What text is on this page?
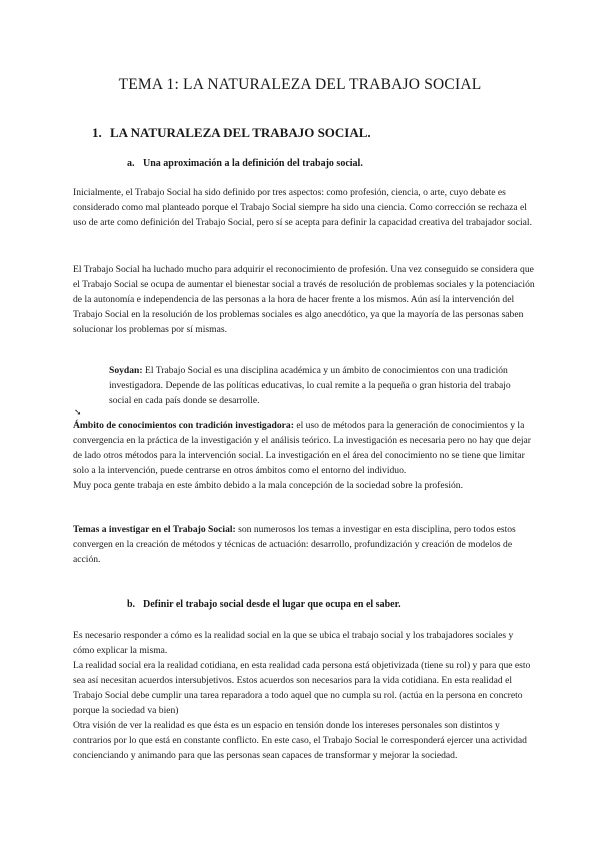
TEMA 1: LA NATURALEZA DEL TRABAJO SOCIAL
1. LA NATURALEZA DEL TRABAJO SOCIAL.
a. Una aproximación a la definición del trabajo social.

Inicialmente, el Trabajo Social ha sido definido por tres aspectos: como profesión, ciencia, o arte, cuyo debate es considerado como mal planteado porque el Trabajo Social siempre ha sido una ciencia. Como corrección se rechaza el uso de arte como definición del Trabajo Social, pero sí se acepta para definir la capacidad creativa del trabajador social.

El Trabajo Social ha luchado mucho para adquirir el reconocimiento de profesión. Una vez conseguido se considera que el Trabajo Social se ocupa de aumentar el bienestar social a través de resolución de problemas sociales y la potenciación de la autonomía e independencia de las personas a la hora de hacer frente a los mismos. Aún así la intervención del Trabajo Social en la resolución de los problemas sociales es algo anecdótico, ya que la mayoría de las personas saben solucionar los problemas por sí mismas.

Soydan: El Trabajo Social es una disciplina académica y un ámbito de conocimientos con una tradición investigadora. Depende de las políticas educativas, lo cual remite a la pequeña o gran historia del trabajo social en cada país donde se desarrolle.

➘

Ámbito de conocimientos con tradición investigadora: el uso de métodos para la generación de conocimientos y la convergencia en la práctica de la investigación y el análisis teórico. La investigación es necesaria pero no hay que dejar de lado otros métodos para la intervención social. La investigación en el área del conocimiento no se tiene que limitar solo a la intervención, puede centrarse en otros ámbitos como el entorno del individuo.

Muy poca gente trabaja en este ámbito debido a la mala concepción de la sociedad sobre la profesión.

Temas a investigar en el Trabajo Social: son numerosos los temas a investigar en esta disciplina, pero todos estos convergen en la creación de métodos y técnicas de actuación: desarrollo, profundización y creación de modelos de acción.

b. Definir el trabajo social desde el lugar que ocupa en el saber.

Es necesario responder a cómo es la realidad social en la que se ubica el trabajo social y los trabajadores sociales y cómo explicar la misma.

La realidad social era la realidad cotidiana, en esta realidad cada persona está objetivizada (tiene su rol) y para que esto sea así necesitan acuerdos intersubjetivos. Estos acuerdos son necesarios para la vida cotidiana. En esta realidad el Trabajo Social debe cumplir una tarea reparadora a todo aquel que no cumpla su rol. (actúa en la persona en concreto porque la sociedad va bien)

Otra visión de ver la realidad es que ésta es un espacio en tensión donde los intereses personales son distintos y contrarios por lo que está en constante conflicto. En este caso, el Trabajo Social le corresponderá ejercer una actividad concienciando y animando para que las personas sean capaces de transformar y mejorar la sociedad.
